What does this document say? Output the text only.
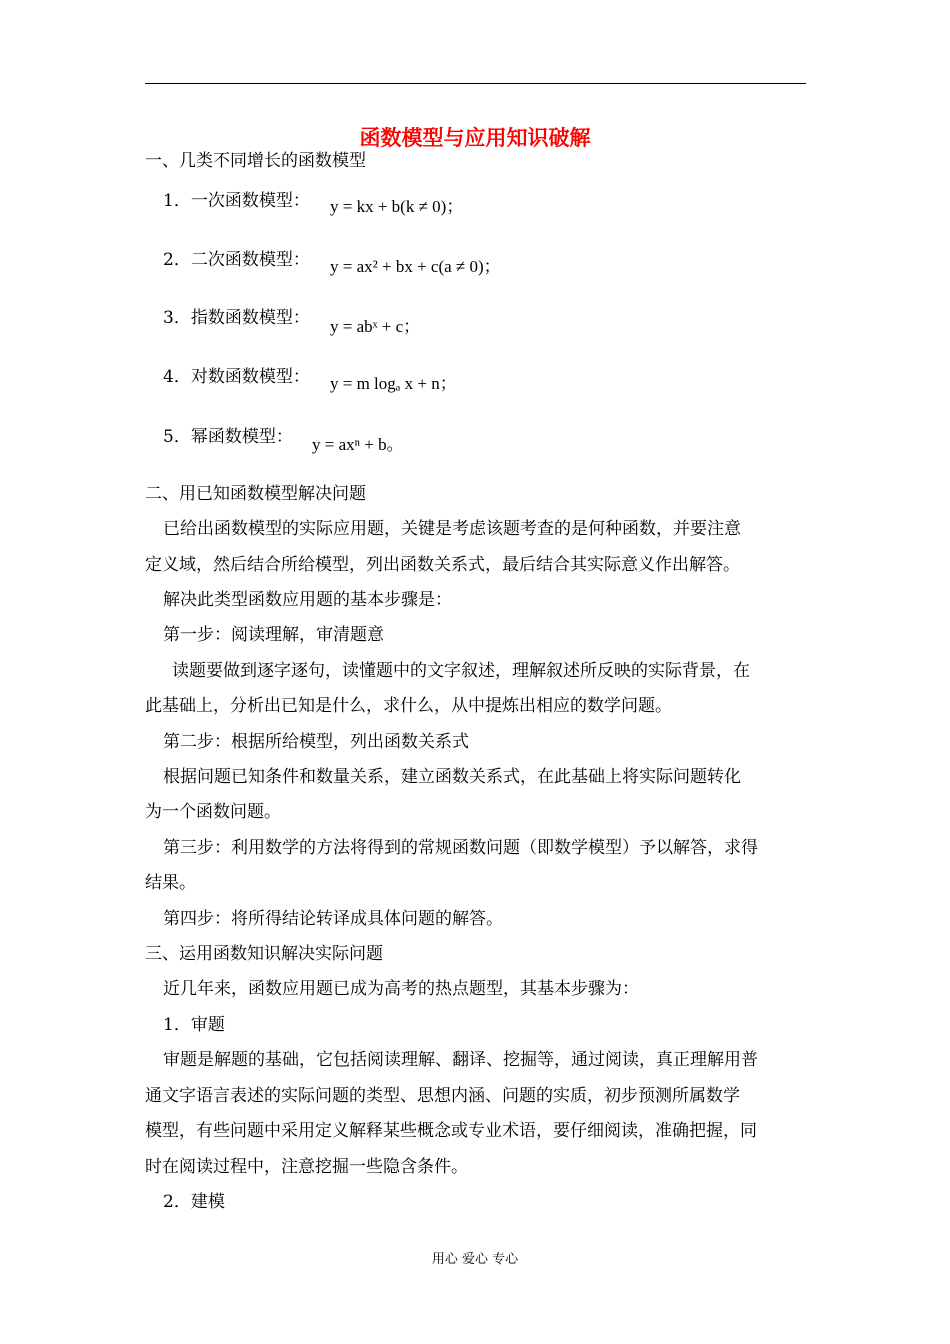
函数模型与应用知识破解
一、几类不同增长的函数模型
1．一次函数模型： y = kx + b(k ≠ 0)；
2．二次函数模型： y = ax² + bx + c(a ≠ 0)；
3．指数函数模型： y = abˣ + c；
4．对数函数模型： y = m logₐ x + n；
5．幂函数模型： y = axⁿ + b。
二、用已知函数模型解决问题
已给出函数模型的实际应用题，关键是考虑该题考查的是何种函数，并要注意
定义域，然后结合所给模型，列出函数关系式，最后结合其实际意义作出解答。
解决此类型函数应用题的基本步骤是：
第一步：阅读理解，审清题意
读题要做到逐字逐句，读懂题中的文字叙述，理解叙述所反映的实际背景，在
此基础上，分析出已知是什么，求什么，从中提炼出相应的数学问题。
第二步：根据所给模型，列出函数关系式
根据问题已知条件和数量关系，建立函数关系式，在此基础上将实际问题转化
为一个函数问题。
第三步：利用数学的方法将得到的常规函数问题（即数学模型）予以解答，求得
结果。
第四步：将所得结论转译成具体问题的解答。
三、运用函数知识解决实际问题
近几年来，函数应用题已成为高考的热点题型，其基本步骤为：
1．审题
审题是解题的基础，它包括阅读理解、翻译、挖掘等，通过阅读，真正理解用普
通文字语言表述的实际问题的类型、思想内涵、问题的实质，初步预测所属数学
模型，有些问题中采用定义解释某些概念或专业术语，要仔细阅读，准确把握，同
时在阅读过程中，注意挖掘一些隐含条件。
2．建模
用心 爱心 专心
